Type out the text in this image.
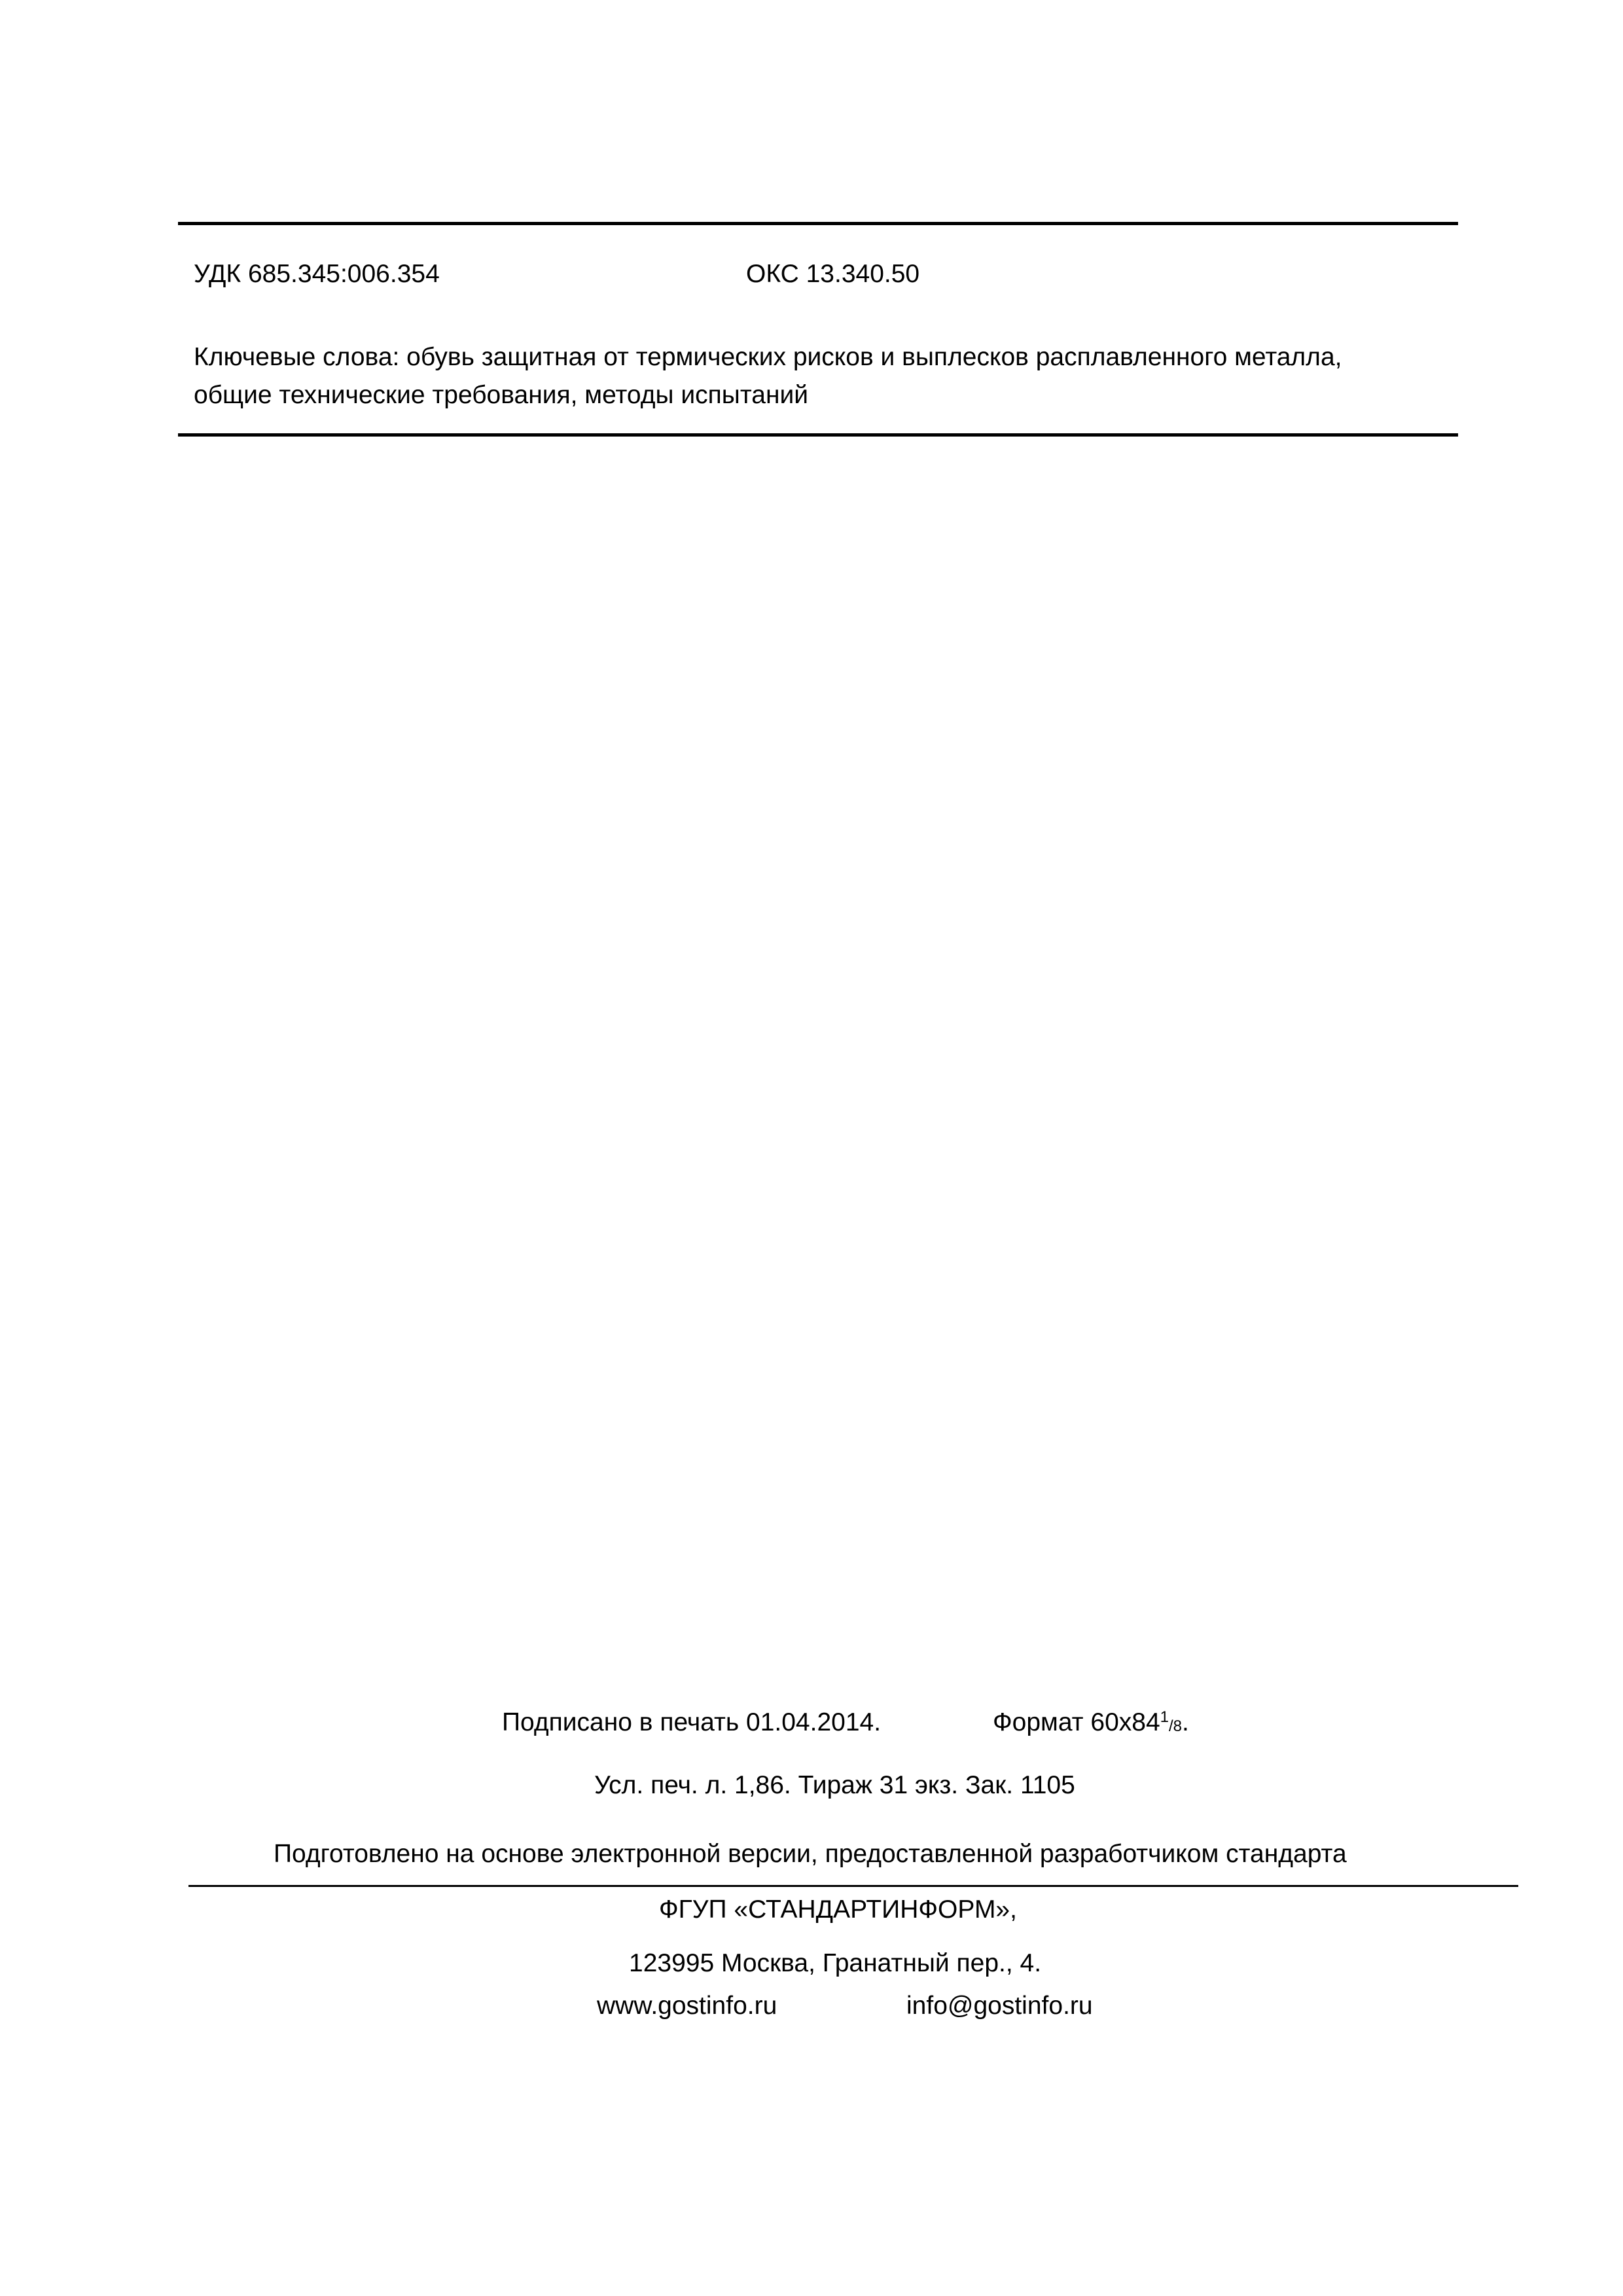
УДК 685.345:006.354	ОКС 13.340.50
Ключевые слова: обувь защитная от термических рисков и выплесков расплавленного металла,
общие технические требования, методы испытаний
Подписано в печать 01.04.2014.	Формат $60x84^1_{/8}$.
Усл. печ. л. 1,86. Тираж 31 экз. Зак. 1105
Подготовлено на основе электронной версии, предоставленной разработчиком стандарта
ФГУП «СТАНДАРТИНФОРМ»,
123995 Москва, Гранатный пер., 4.
www.gostinfo.ru	info@gostinfo.ru
